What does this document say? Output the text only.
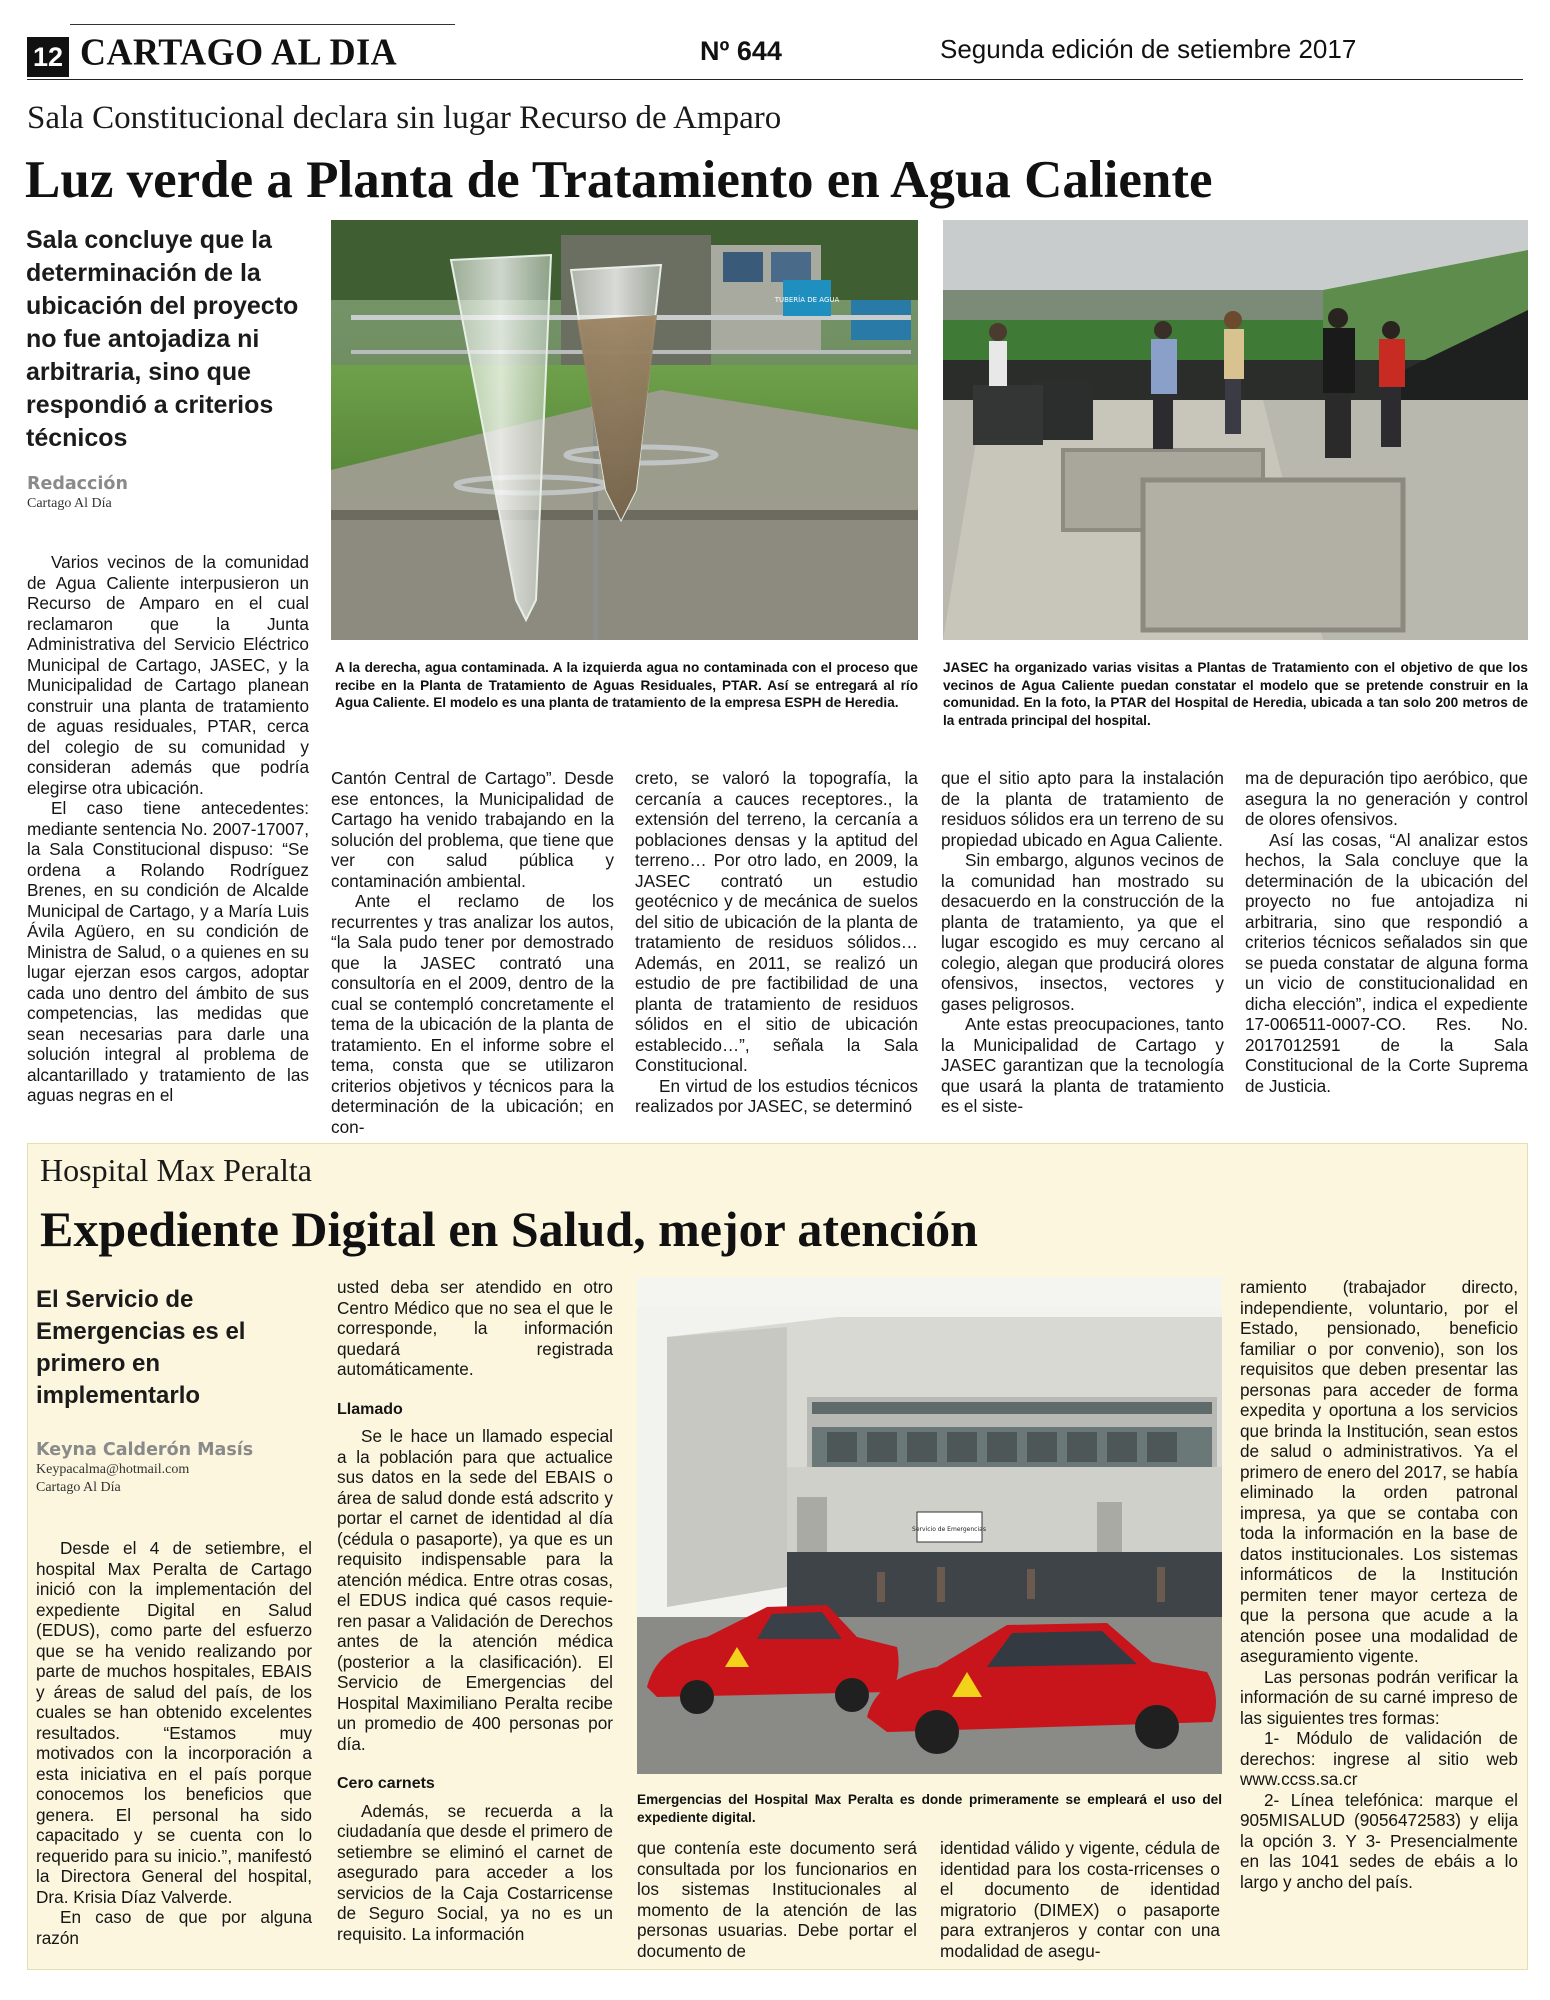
12 CARTAGO AL DIA	Nº 644	Segunda edición de setiembre 2017
Sala Constitucional declara sin lugar Recurso de Amparo
Luz verde a Planta de Tratamiento en Agua Caliente
Sala concluye que la determinación de la ubicación del proyecto no fue antojadiza ni arbitraria, sino que respondió a criterios técnicos
Redacción
Cartago Al Día
TUBERÍA DE AGUA
A la derecha, agua contaminada. A la izquierda agua no contaminada con el proceso que recibe en la Planta de Tratamiento de Aguas Residuales, PTAR. Así se entregará al río Agua Caliente. El modelo es una planta de tratamiento de la empresa ESPH de Heredia.
JASEC ha organizado varias visitas a Plantas de Tratamiento con el objetivo de que los vecinos de Agua Caliente puedan constatar el modelo que se pretende construir en la comunidad. En la foto, la PTAR del Hospital de Heredia, ubicada a tan solo 200 metros de la entrada principal del hospital.

Varios vecinos de la comunidad de Agua Caliente interpusieron un Recurso de Amparo en el cual reclamaron que la Junta Administrativa del Servicio Eléctrico Municipal de Cartago, JASEC, y la Municipalidad de Cartago planean construir una planta de tratamiento de aguas residuales, PTAR, cerca del colegio de su comunidad y consideran además que podría elegirse otra ubicación.

El caso tiene antecedentes: mediante sentencia No. 2007-17007, la Sala Constitucional dispuso: “Se ordena a Rolando Rodríguez Brenes, en su condición de Alcalde Municipal de Cartago, y a María Luis Ávila Agüero, en su condición de Ministra de Salud, o a quienes en su lugar ejerzan esos cargos, adoptar cada uno dentro del ámbito de sus competencias, las medidas que sean necesarias para darle una solución integral al problema de alcantarillado y tratamiento de las aguas negras en el

Cantón Central de Cartago”. Desde ese entonces, la Municipalidad de Cartago ha venido trabajando en la solución del problema, que tiene que ver con salud pública y contaminación ambiental.

Ante el reclamo de los recurrentes y tras analizar los autos, “la Sala pudo tener por demostrado que la JASEC contrató una consultoría en el 2009, dentro de la cual se contempló concretamente el tema de la ubicación de la planta de tratamiento. En el informe sobre el tema, consta que se utilizaron criterios objetivos y técnicos para la determinación de la ubicación; en con-

creto, se valoró la topografía, la cercanía a cauces receptores., la extensión del terreno, la cercanía a poblaciones densas y la aptitud del terreno… Por otro lado, en 2009, la JASEC contrató un estudio geotécnico y de mecánica de suelos del sitio de ubicación de la planta de tratamiento de residuos sólidos… Además, en 2011, se realizó un estudio de pre factibilidad de una planta de tratamiento de residuos sólidos en el sitio de ubicación establecido…”, señala la Sala Constitucional.

En virtud de los estudios técnicos realizados por JASEC, se determinó

que el sitio apto para la instalación de la planta de tratamiento de residuos sólidos era un terreno de su propiedad ubicado en Agua Caliente.

Sin embargo, algunos vecinos de la comunidad han mostrado su desacuerdo en la construcción de la planta de tratamiento, ya que el lugar escogido es muy cercano al colegio, alegan que producirá olores ofensivos, insectos, vectores y gases peligrosos.

Ante estas preocupaciones, tanto la Municipalidad de Cartago y JASEC garantizan que la tecnología que usará la planta de tratamiento es el siste-

ma de depuración tipo aeróbico, que asegura la no generación y control de olores ofensivos.

Así las cosas, “Al analizar estos hechos, la Sala concluye que la determinación de la ubicación del proyecto no fue antojadiza ni arbitraria, sino que respondió a criterios técnicos señalados sin que se pueda constatar de alguna forma un vicio de constitucionalidad en dicha elección”, indica el expediente 17-006511-0007-CO. Res. No. 2017012591 de la Sala Constitucional de la Corte Suprema de Justicia.

Hospital Max Peralta
Expediente Digital en Salud, mejor atención
El Servicio de Emergencias es el primero en implementarlo
Keyna Calderón Masís
Keypacalma@hotmail.com
Cartago Al Día

Desde el 4 de setiembre, el hospital Max Peralta de Cartago inició con la implementación del expediente Digital en Salud (EDUS), como parte del esfuerzo que se ha venido realizando por parte de muchos hospitales, EBAIS y áreas de salud del país, de los cuales se han obtenido excelentes resultados. “Estamos muy motivados con la incorporación a esta iniciativa en el país porque conocemos los beneficios que genera. El personal ha sido capacitado y se cuenta con lo requerido para su inicio.”, manifestó la Directora General del hospital, Dra. Krisia Díaz Valverde.

En caso de que por alguna razón

usted deba ser atendido en otro Centro Médico que no sea el que le corresponde, la información quedará registrada automáticamente.

Llamado

Se le hace un llamado especial a la población para que actualice sus datos en la sede del EBAIS o área de salud donde está adscrito y portar el carnet de identidad al día (cédula o pasaporte), ya que es un requisito indispensable para la atención médica. Entre otras cosas, el EDUS indica qué casos requie-ren pasar a Validación de Derechos antes de la atención médica (posterior a la clasificación). El Servicio de Emergencias del Hospital Maximiliano Peralta recibe un promedio de 400 personas por día.

Cero carnets

Además, se recuerda a la ciudadanía que desde el primero de setiembre se eliminó el carnet de asegurado para acceder a los servicios de la Caja Costarricense de Seguro Social, ya no es un requisito. La información

Servicio de Emergencias
Emergencias del Hospital Max Peralta es donde primeramente se empleará el uso del expediente digital.

que contenía este documento será consultada por los funcionarios en los sistemas Institucionales al momento de la atención de las personas usuarias. Debe portar el documento de

identidad válido y vigente, cédula de identidad para los costa-rricenses o el documento de identidad migratorio (DIMEX) o pasaporte para extranjeros y contar con una modalidad de asegu-

ramiento (trabajador directo, independiente, voluntario, por el Estado, pensionado, beneficio familiar o por convenio), son los requisitos que deben presentar las personas para acceder de forma expedita y oportuna a los servicios que brinda la Institución, sean estos de salud o administrativos. Ya el primero de enero del 2017, se había eliminado la orden patronal impresa, ya que se contaba con toda la información en la base de datos institucionales. Los sistemas informáticos de la Institución permiten tener mayor certeza de que la persona que acude a la atención posee una modalidad de aseguramiento vigente.

Las personas podrán verificar la información de su carné impreso de las siguientes tres formas:

1- Módulo de validación de derechos: ingrese al sitio web www.ccss.sa.cr

2- Línea telefónica: marque el 905MISALUD (9056472583) y elija la opción 3. Y 3- Presencialmente en las 1041 sedes de ebáis a lo largo y ancho del país.
